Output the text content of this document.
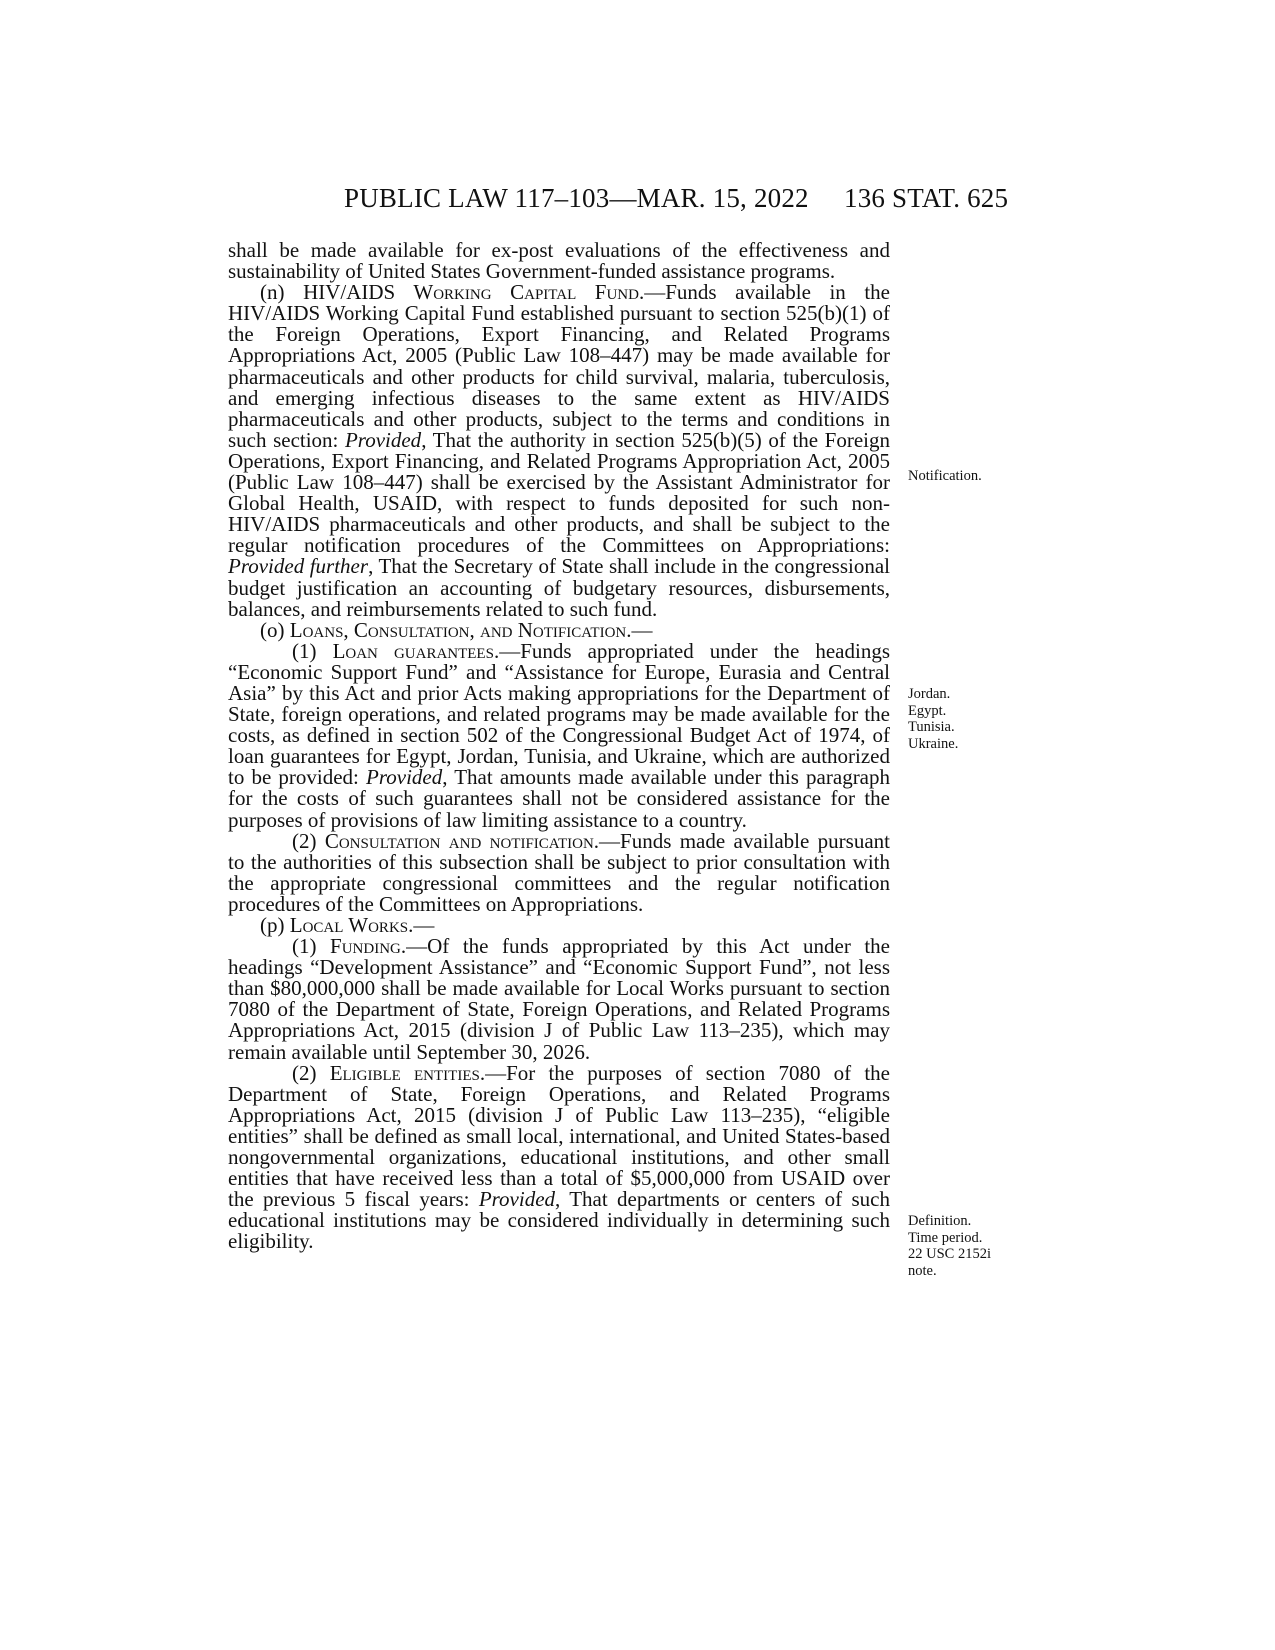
PUBLIC LAW 117–103—MAR. 15, 2022 136 STAT. 625

shall be made available for ex-post evaluations of the effectiveness and sustainability of United States Government-funded assistance programs.

(n) HIV/AIDS Working Capital Fund.—Funds available in the HIV/AIDS Working Capital Fund established pursuant to section 525(b)(1) of the Foreign Operations, Export Financing, and Related Programs Appropriations Act, 2005 (Public Law 108–447) may be made available for pharmaceuticals and other products for child survival, malaria, tuberculosis, and emerging infectious diseases to the same extent as HIV/AIDS pharmaceuticals and other products, subject to the terms and conditions in such section: Provided, That the authority in section 525(b)(5) of the Foreign Operations, Export Financing, and Related Programs Appropriation Act, 2005 (Public Law 108–447) shall be exercised by the Assistant Administrator for Global Health, USAID, with respect to funds deposited for such non-HIV/AIDS pharmaceuticals and other products, and shall be subject to the regular notification procedures of the Committees on Appropriations: Provided further, That the Secretary of State shall include in the congressional budget justification an accounting of budgetary resources, disbursements, balances, and reimbursements related to such fund.

(o) Loans, Consultation, and Notification.—

(1) Loan guarantees.—Funds appropriated under the headings “Economic Support Fund” and “Assistance for Europe, Eurasia and Central Asia” by this Act and prior Acts making appropriations for the Department of State, foreign operations, and related programs may be made available for the costs, as defined in section 502 of the Congressional Budget Act of 1974, of loan guarantees for Egypt, Jordan, Tunisia, and Ukraine, which are authorized to be provided: Provided, That amounts made available under this paragraph for the costs of such guarantees shall not be considered assistance for the purposes of provisions of law limiting assistance to a country.

(2) Consultation and notification.—Funds made available pursuant to the authorities of this subsection shall be subject to prior consultation with the appropriate congressional committees and the regular notification procedures of the Committees on Appropriations.

(p) Local Works.—

(1) Funding.—Of the funds appropriated by this Act under the headings “Development Assistance” and “Economic Support Fund”, not less than $80,000,000 shall be made available for Local Works pursuant to section 7080 of the Department of State, Foreign Operations, and Related Programs Appropriations Act, 2015 (division J of Public Law 113–235), which may remain available until September 30, 2026.

(2) Eligible entities.—For the purposes of section 7080 of the Department of State, Foreign Operations, and Related Programs Appropriations Act, 2015 (division J of Public Law 113–235), “eligible entities” shall be defined as small local, international, and United States-based nongovernmental organizations, educational institutions, and other small entities that have received less than a total of $5,000,000 from USAID over the previous 5 fiscal years: Provided, That departments or centers of such educational institutions may be considered individually in determining such eligibility.

Notification.
Jordan.
Egypt.
Tunisia.
Ukraine.
Definition.
Time period.
22 USC 2152i note.
